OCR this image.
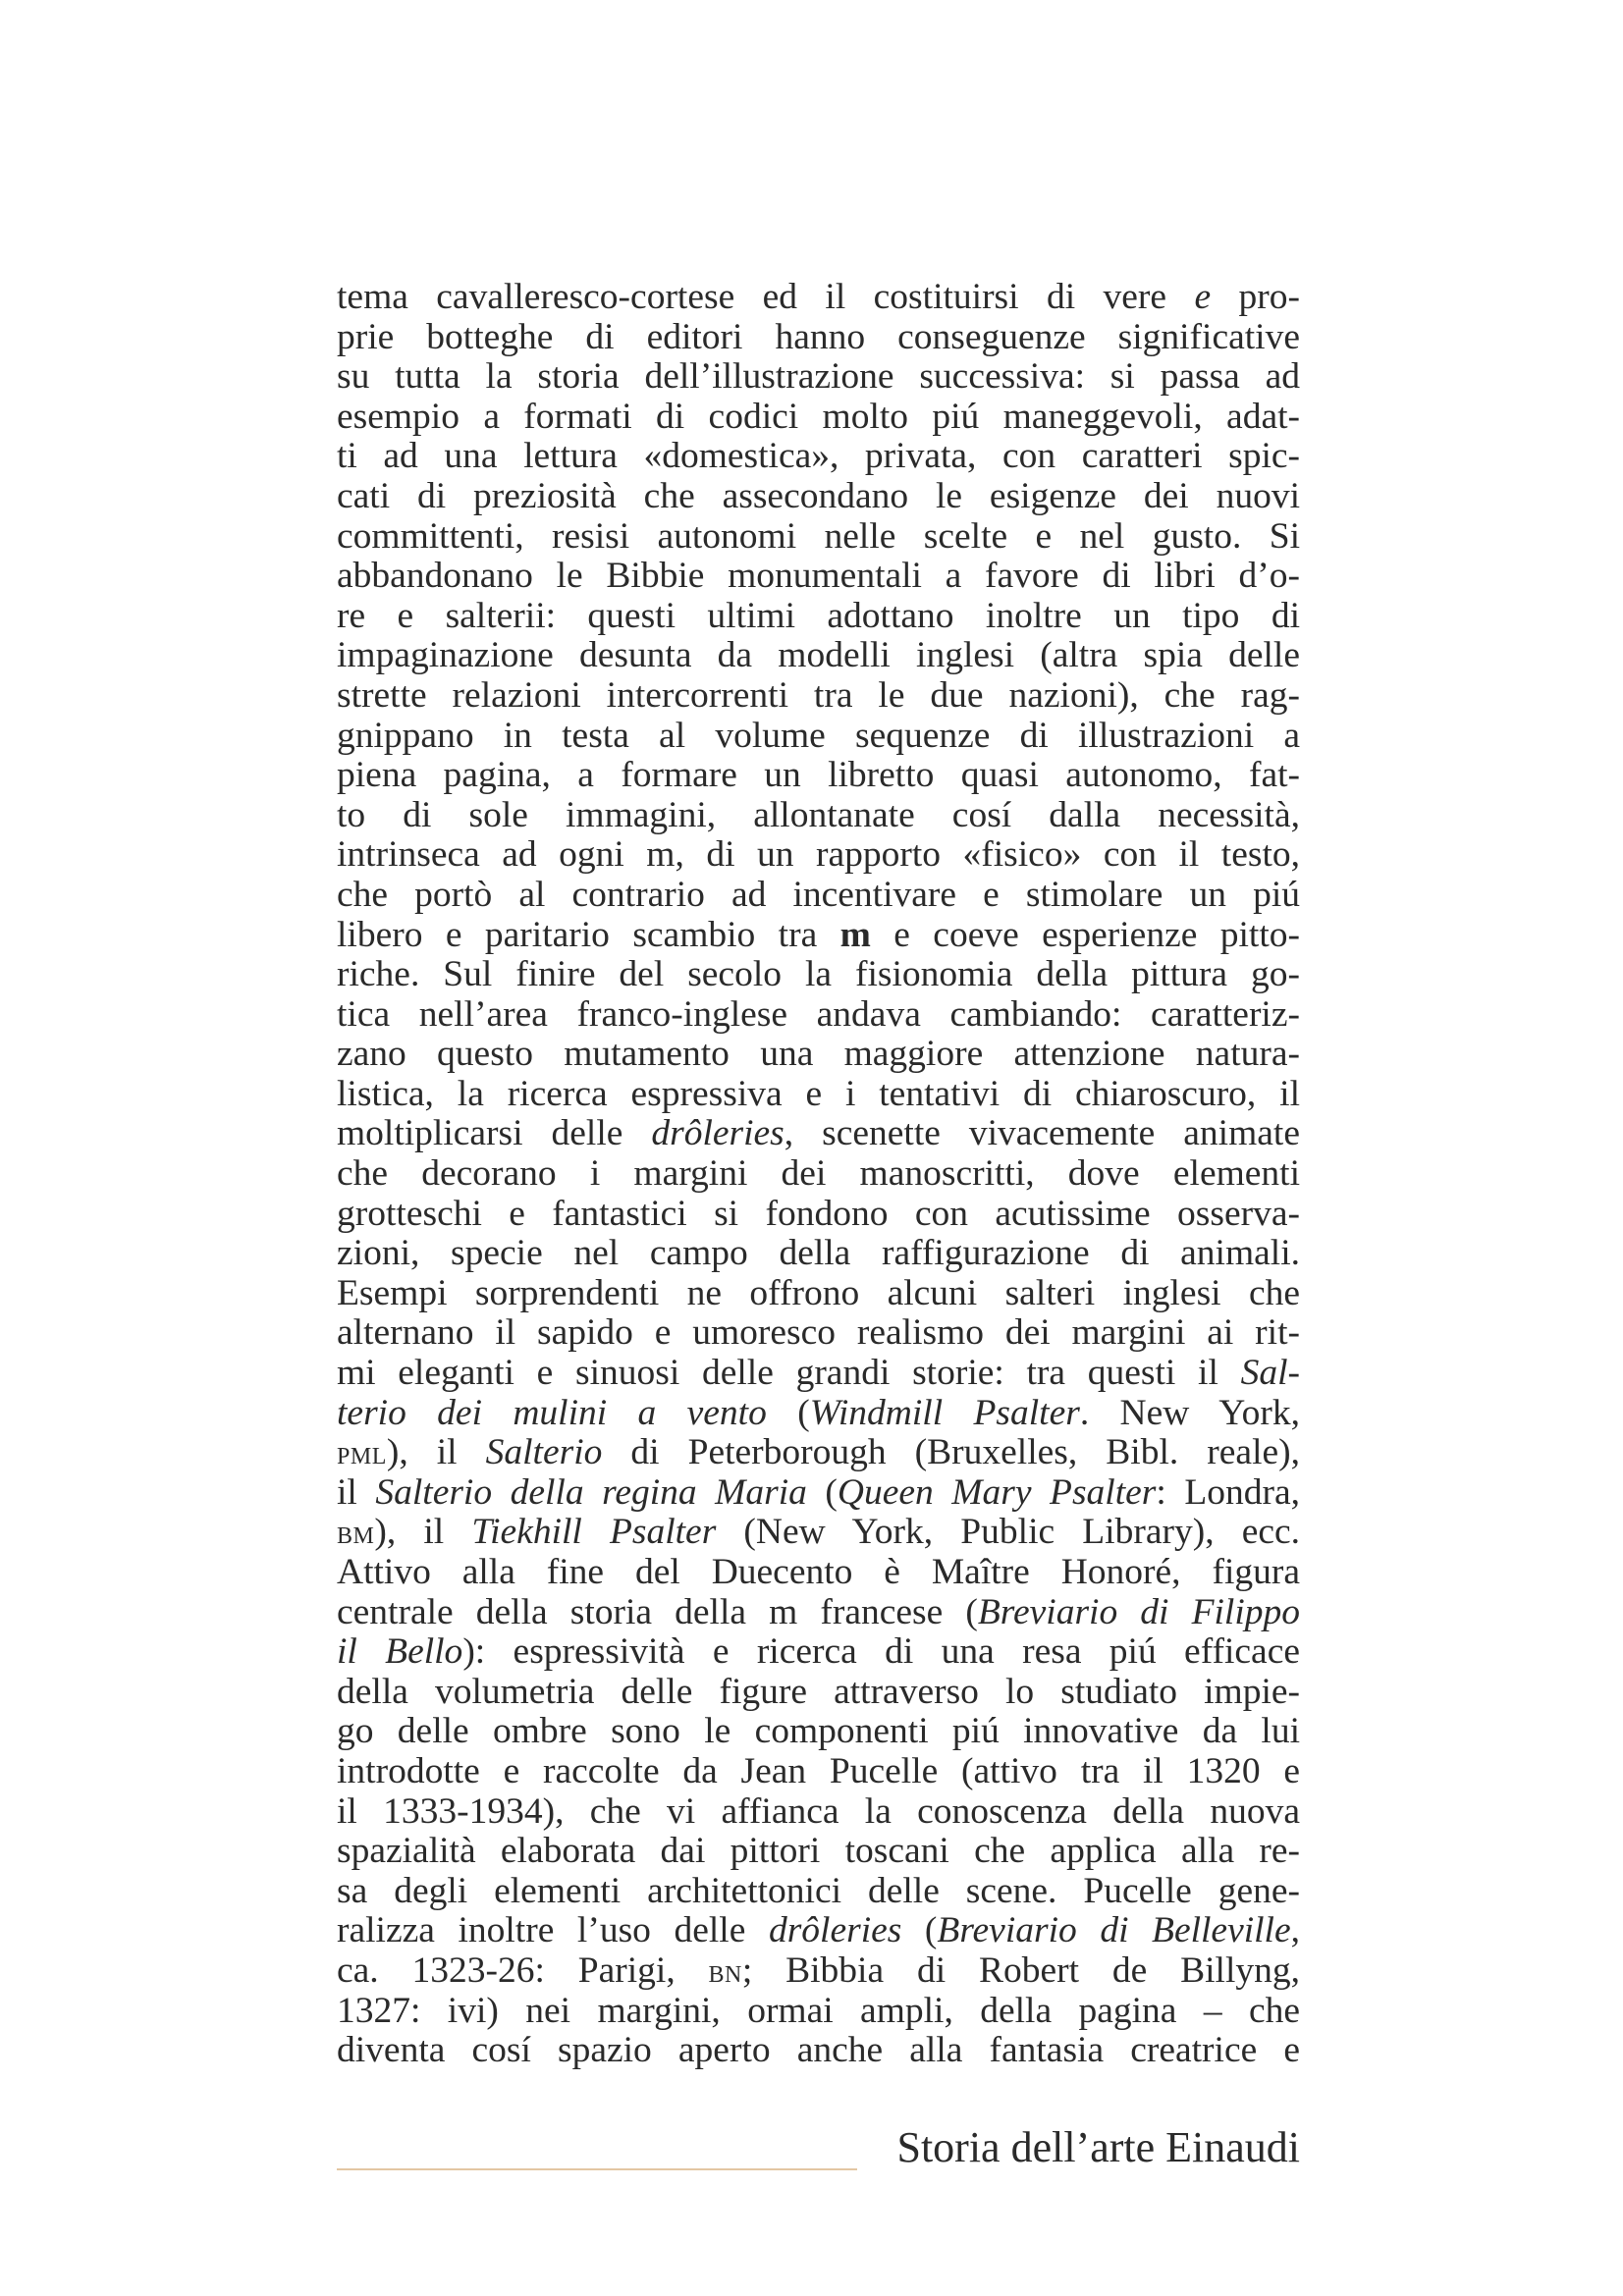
tema cavalleresco-cortese ed il costituirsi di vere e pro-
prie botteghe di editori hanno conseguenze significative
su tutta la storia dell’illustrazione successiva: si passa ad
esempio a formati di codici molto piú maneggevoli, adat-
ti ad una lettura «domestica», privata, con caratteri spic-
cati di preziosità che assecondano le esigenze dei nuovi
committenti, resisi autonomi nelle scelte e nel gusto. Si
abbandonano le Bibbie monumentali a favore di libri d’o-
re e salterii: questi ultimi adottano inoltre un tipo di
impaginazione desunta da modelli inglesi (altra spia delle
strette relazioni intercorrenti tra le due nazioni), che rag-
gnippano in testa al volume sequenze di illustrazioni a
piena pagina, a formare un libretto quasi autonomo, fat-
to di sole immagini, allontanate cosí dalla necessità,
intrinseca ad ogni m, di un rapporto «fisico» con il testo,
che portò al contrario ad incentivare e stimolare un piú
libero e paritario scambio tra m e coeve esperienze pitto-
riche. Sul finire del secolo la fisionomia della pittura go-
tica nell’area franco-inglese andava cambiando: caratteriz-
zano questo mutamento una maggiore attenzione natura-
listica, la ricerca espressiva e i tentativi di chiaroscuro, il
moltiplicarsi delle drôleries, scenette vivacemente animate
che decorano i margini dei manoscritti, dove elementi
grotteschi e fantastici si fondono con acutissime osserva-
zioni, specie nel campo della raffigurazione di animali.
Esempi sorprendenti ne offrono alcuni salteri inglesi che
alternano il sapido e umoresco realismo dei margini ai rit-
mi eleganti e sinuosi delle grandi storie: tra questi il Sal-
terio dei mulini a vento (Windmill Psalter. New York,
pml), il Salterio di Peterborough (Bruxelles, Bibl. reale),
il Salterio della regina Maria (Queen Mary Psalter: Londra,
bm), il Tiekhill Psalter (New York, Public Library), ecc.
Attivo alla fine del Duecento è Maître Honoré, figura
centrale della storia della m francese (Breviario di Filippo
il Bello): espressività e ricerca di una resa piú efficace
della volumetria delle figure attraverso lo studiato impie-
go delle ombre sono le componenti piú innovative da lui
introdotte e raccolte da Jean Pucelle (attivo tra il 1320 e
il 1333-1934), che vi affianca la conoscenza della nuova
spazialità elaborata dai pittori toscani che applica alla re-
sa degli elementi architettonici delle scene. Pucelle gene-
ralizza inoltre l’uso delle drôleries (Breviario di Belleville,
ca. 1323-26: Parigi, bn; Bibbia di Robert de Billyng,
1327: ivi) nei margini, ormai ampli, della pagina – che
diventa cosí spazio aperto anche alla fantasia creatrice e
Storia dell’arte Einaudi
